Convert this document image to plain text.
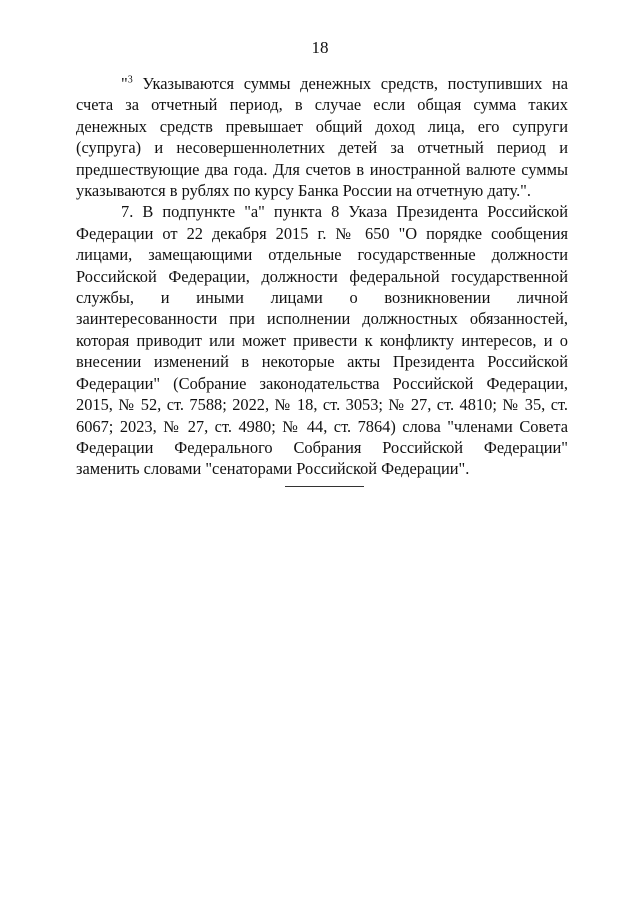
18

"$^3$ Указываются суммы денежных средств, поступивших на счета за отчетный период, в случае если общая сумма таких денежных средств превышает общий доход лица, его супруги (супруга) и несовершеннолетних детей за отчетный период и предшествующие два года. Для счетов в иностранной валюте суммы указываются в рублях по курсу Банка России на отчетную дату.".

7. В подпункте "а" пункта 8 Указа Президента Российской Федерации от 22 декабря 2015 г. № 650 "О порядке сообщения лицами, замещающими отдельные государственные должности Российской Федерации, должности федеральной государственной службы, и иными лицами о возникновении личной заинтересованности при исполнении должностных обязанностей, которая приводит или может привести к конфликту интересов, и о внесении изменений в некоторые акты Президента Российской Федерации" (Собрание законодательства Российской Федерации, 2015, № 52, ст. 7588; 2022, № 18, ст. 3053; № 27, ст. 4810; № 35, ст. 6067; 2023, № 27, ст. 4980; № 44, ст. 7864) слова "членами Совета Федерации Федерального Собрания Российской Федерации" заменить словами "сенаторами Российской Федерации".
